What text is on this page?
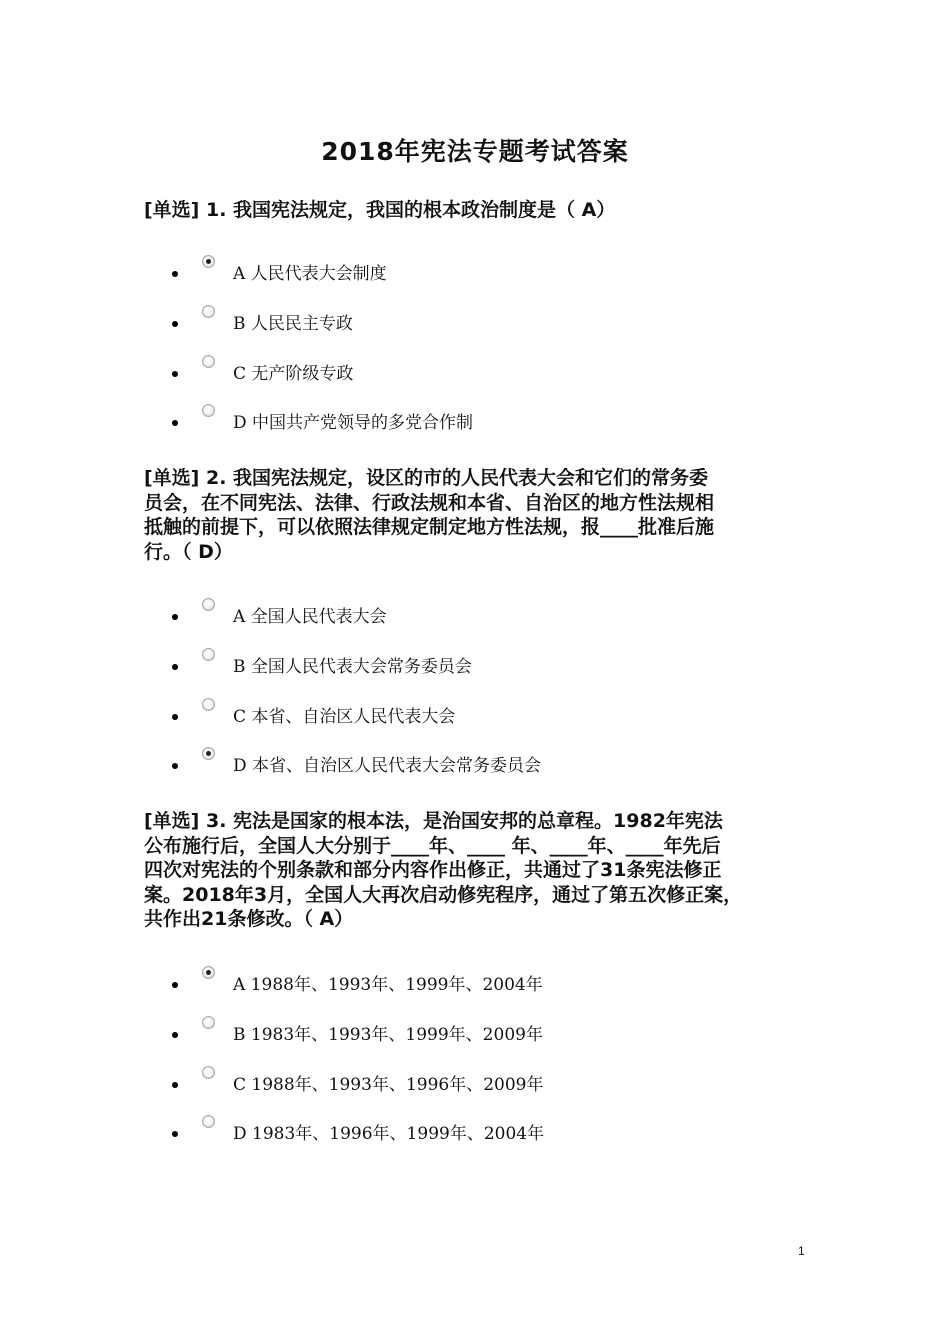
2018年宪法专题考试答案
[单选] 1. 我国宪法规定，我国的根本政治制度是（ A）
A 人民代表大会制度
B 人民民主专政
C 无产阶级专政
D 中国共产党领导的多党合作制
[单选] 2. 我国宪法规定，设区的市的人民代表大会和它们的常务委
员会，在不同宪法、法律、行政法规和本省、自治区的地方性法规相
抵触的前提下，可以依照法律规定制定地方性法规，报____批准后施
行。（ D）
A 全国人民代表大会
B 全国人民代表大会常务委员会
C 本省、自治区人民代表大会
D 本省、自治区人民代表大会常务委员会
[单选] 3. 宪法是国家的根本法，是治国安邦的总章程。1982年宪法
公布施行后，全国人大分别于____年、____ 年、____年、____年先后
四次对宪法的个别条款和部分内容作出修正，共通过了31条宪法修正
案。2018年3月，全国人大再次启动修宪程序，通过了第五次修正案，
共作出21条修改。（ A）
A 1988年、1993年、1999年、2004年
B 1983年、1993年、1999年、2009年
C 1988年、1993年、1996年、2009年
D 1983年、1996年、1999年、2004年
1
